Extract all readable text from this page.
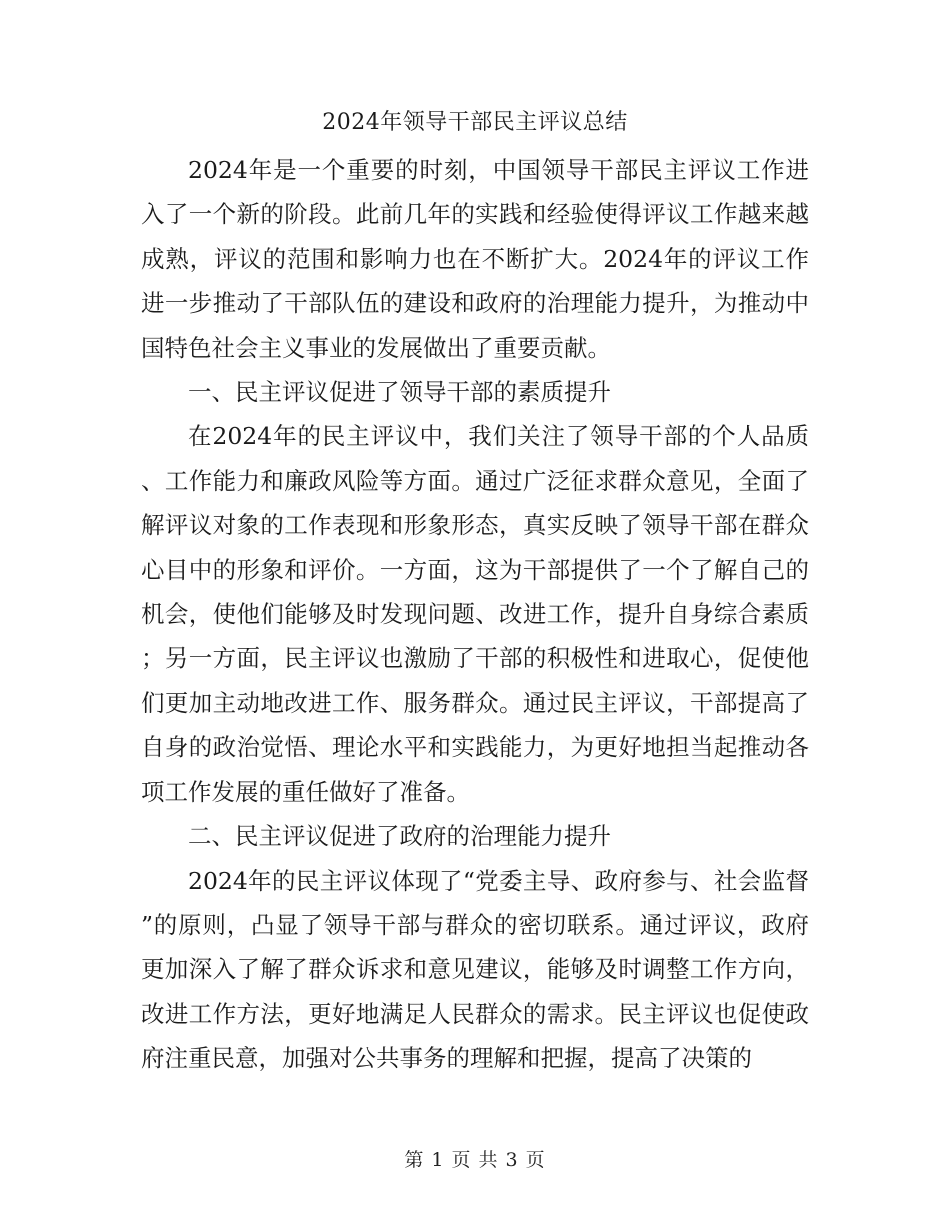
2024年领导干部民主评议总结

2024年是一个重要的时刻，中国领导干部民主评议工作进入了一个新的阶段。此前几年的实践和经验使得评议工作越来越成熟，评议的范围和影响力也在不断扩大。2024年的评议工作进一步推动了干部队伍的建设和政府的治理能力提升，为推动中国特色社会主义事业的发展做出了重要贡献。

一、民主评议促进了领导干部的素质提升

在2024年的民主评议中，我们关注了领导干部的个人品质、工作能力和廉政风险等方面。通过广泛征求群众意见，全面了解评议对象的工作表现和形象形态，真实反映了领导干部在群众心目中的形象和评价。一方面，这为干部提供了一个了解自己的机会，使他们能够及时发现问题、改进工作，提升自身综合素质；另一方面，民主评议也激励了干部的积极性和进取心，促使他们更加主动地改进工作、服务群众。通过民主评议，干部提高了自身的政治觉悟、理论水平和实践能力，为更好地担当起推动各项工作发展的重任做好了准备。

二、民主评议促进了政府的治理能力提升

2024年的民主评议体现了“党委主导、政府参与、社会监督”的原则，凸显了领导干部与群众的密切联系。通过评议，政府更加深入了解了群众诉求和意见建议，能够及时调整工作方向，改进工作方法，更好地满足人民群众的需求。民主评议也促使政府注重民意，加强对公共事务的理解和把握，提高了决策的

第 1 页 共 3 页
